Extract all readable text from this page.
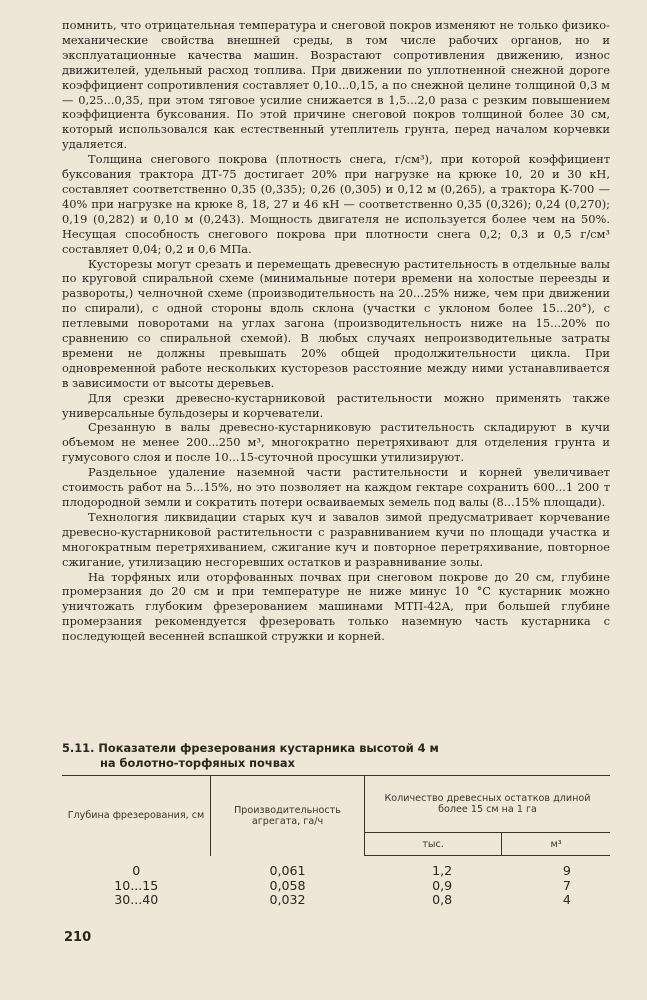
помнить, что отрицательная температура и снеговой покров изменяют не только физико-механические свойства внешней среды, в том числе рабочих органов, но и эксплуатационные качества машин. Возрастают сопротивления движению, износ движителей, удельный расход топлива. При движении по уплотненной снежной дороге коэффициент сопротивления составляет 0,10...0,15, а по снежной целине толщиной 0,3 м — 0,25...0,35, при этом тяговое усилие снижается в 1,5...2,0 раза с резким повышением коэффициента буксования. По этой причине снеговой покров толщиной более 30 см, который использовался как естественный утеплитель грунта, перед началом корчевки удаляется.

Толщина снегового покрова (плотность снега, г/см³), при которой коэффициент буксования трактора ДТ-75 достигает 20% при нагрузке на крюке 10, 20 и 30 кН, составляет соответственно 0,35 (0,335); 0,26 (0,305) и 0,12 м (0,265), а трактора К-700 — 40% при нагрузке на крюке 8, 18, 27 и 46 кН — соответственно 0,35 (0,326); 0,24 (0,270); 0,19 (0,282) и 0,10 м (0,243). Мощность двигателя не используется более чем на 50%. Несущая способность снегового покрова при плотности снега 0,2; 0,3 и 0,5 г/см³ составляет 0,04; 0,2 и 0,6 МПа.

Кусторезы могут срезать и перемещать древесную растительность в отдельные валы по круговой спиральной схеме (минимальные потери времени на холостые переезды и развороты,) челночной схеме (производительность на 20...25% ниже, чем при движении по спирали), с одной стороны вдоль склона (участки с уклоном более 15...20°), с петлевыми поворотами на углах загона (производительность ниже на 15...20% по сравнению со спиральной схемой). В любых случаях непроизводительные затраты времени не должны превышать 20% общей продолжительности цикла. При одновременной работе нескольких кусторезов расстояние между ними устанавливается в зависимости от высоты деревьев.

Для срезки древесно-кустарниковой растительности можно применять также универсальные бульдозеры и корчеватели.

Срезанную в валы древесно-кустарниковую растительность складируют в кучи объемом не менее 200...250 м³, многократно перетряхивают для отделения грунта и гумусового слоя и после 10...15-суточной просушки утилизируют.

Раздельное удаление наземной части растительности и корней увеличивает стоимость работ на 5...15%, но это позволяет на каждом гектаре сохранить 600...1 200 т плодородной земли и сократить потери осваиваемых земель под валы (8...15% площади).

Технология ликвидации старых куч и завалов зимой предусматривает корчевание древесно-кустарниковой растительности с разравниванием кучи по площади участка и многократным перетряхиванием, сжигание куч и повторное перетряхивание, повторное сжигание, утилизацию несгоревших остатков и разравнивание золы.

На торфяных или оторфованных почвах при снеговом покрове до 20 см, глубине промерзания до 20 см и при температуре не ниже минус 10 °С кустарник можно уничтожать глубоким фрезерованием машинами МТП-42А, при большей глубине промерзания рекомендуется фрезеровать только наземную часть кустарника с последующей весенней вспашкой стружки и корней.

5.11. Показатели фрезерования кустарника высотой 4 м
на болотно-торфяных почвах
Глубина фрезерования, см	Производительность агрегата, га/ч	Количество древесных остатков длиной более 15 см на 1 га	
		тыс.	м³
0	0,061	1,2	9
10...15	0,058	0,9	7
30...40	0,032	0,8	4
210
